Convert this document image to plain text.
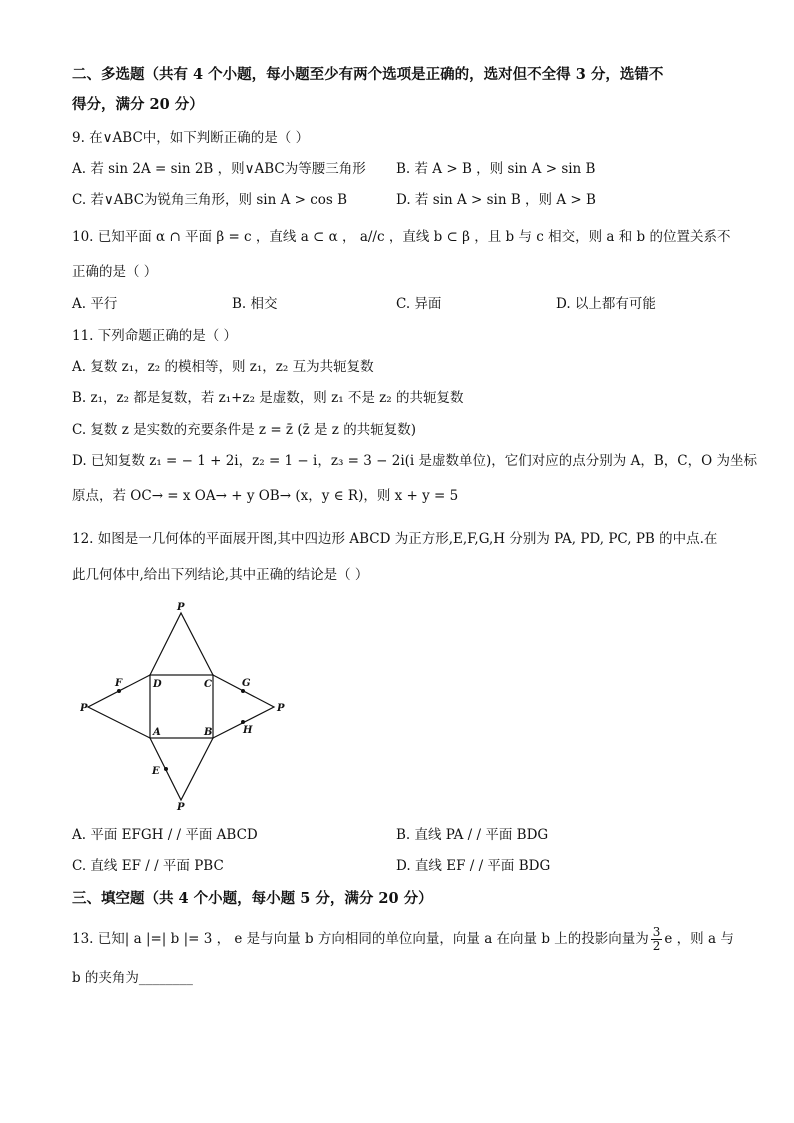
二、多选题（共有 4 个小题，每小题至少有两个选项是正确的，选对但不全得 3 分，选错不
得分，满分 20 分）
9. 在∨ABC中，如下判断正确的是（ ）
A. 若 sin 2A = sin 2B ，则∨ABC为等腰三角形 B. 若 A > B ，则 sin A > sin B
C. 若∨ABC为锐角三角形，则 sin A > cos B	D. 若 sin A > sin B ，则 A > B
10. 已知平面 α ∩ 平面 β = c ，直线 a ⊂ α ， a//c ，直线 b ⊂ β ，且 b 与 c 相交，则 a 和 b 的位置关系不
正确的是（ ）
A. 平行	B. 相交	C. 异面	D. 以上都有可能
11. 下列命题正确的是（ ）
A. 复数 z₁，z₂ 的模相等，则 z₁，z₂ 互为共轭复数
B. z₁，z₂ 都是复数，若 z₁+z₂ 是虚数，则 z₁ 不是 z₂ 的共轭复数
C. 复数 z 是实数的充要条件是 z = z̄ (z̄ 是 z 的共轭复数)
D. 已知复数 z₁ = − 1 + 2i，z₂ = 1 − i，z₃ = 3 − 2i(i 是虚数单位)，它们对应的点分别为 A，B，C，O 为坐标
原点，若 OC→ = x OA→ + y OB→ (x，y ∈ R)，则 x + y = 5
12. 如图是一几何体的平面展开图,其中四边形 ABCD 为正方形,E,F,G,H 分别为 PA, PD, PC, PB 的中点.在
此几何体中,给出下列结论,其中正确的结论是（ ）
P
P	P
P
D	C
A	B
F	G
H
E
A. 平面 EFGH / / 平面 ABCD	B. 直线 PA / / 平面 BDG
C. 直线 EF / / 平面 PBC	D. 直线 EF / / 平面 BDG
三、填空题（共 4 个小题，每小题 5 分，满分 20 分）
13. 已知| a |=| b |= 3 ， e 是与向量 b 方向相同的单位向量，向量 a 在向量 b 上的投影向量为 $\frac{3}{2}$ e ，则 a 与
b 的夹角为________
